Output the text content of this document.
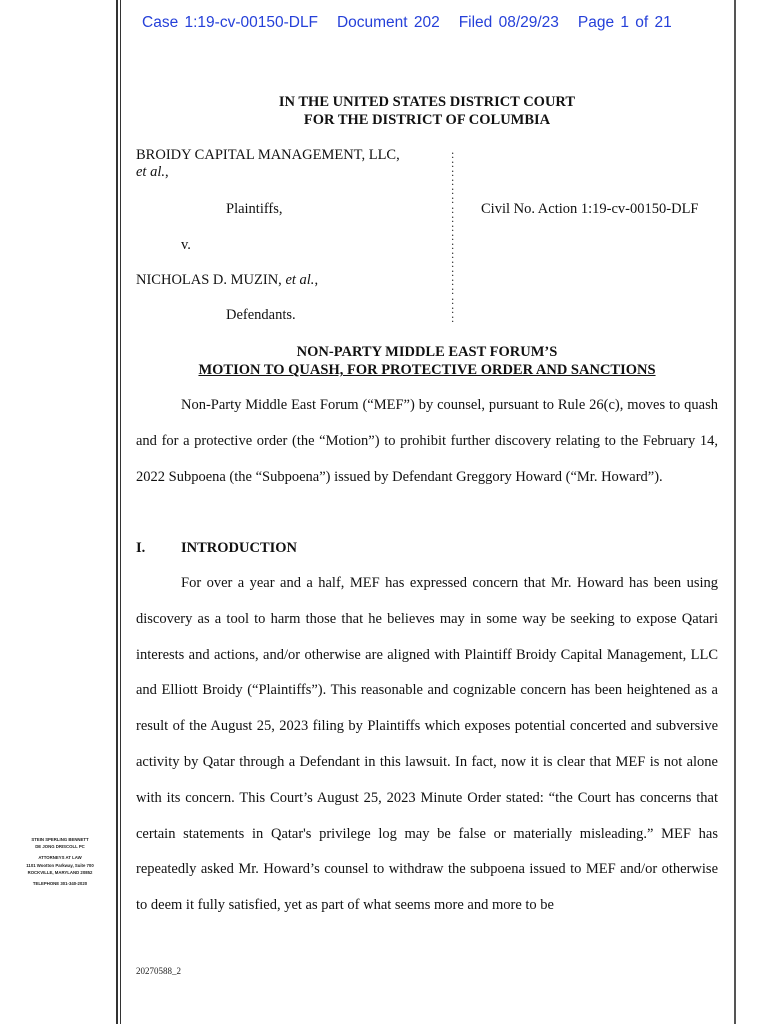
Case 1:19-cv-00150-DLF Document 202 Filed 08/29/23 Page 1 of 21
IN THE UNITED STATES DISTRICT COURT
FOR THE DISTRICT OF COLUMBIA
BROIDY CAPITAL MANAGEMENT, LLC,
et al.,
Plaintiffs,	Civil No. Action 1:19-cv-00150-DLF
v.
NICHOLAS D. MUZIN, et al.,
Defendants.
:
:
:
:
:
:
:
:
:
:
:
:
:
:
:
:
:
:
:
NON-PARTY MIDDLE EAST FORUM’S
MOTION TO QUASH, FOR PROTECTIVE ORDER AND SANCTIONS
Non-Party Middle East Forum (“MEF”) by counsel, pursuant to Rule 26(c), moves to quash and for a protective order (the “Motion”) to prohibit further discovery relating to the February 14, 2022 Subpoena (the “Subpoena”) issued by Defendant Greggory Howard (“Mr. Howard”).
I. INTRODUCTION
For over a year and a half, MEF has expressed concern that Mr. Howard has been using discovery as a tool to harm those that he believes may in some way be seeking to expose Qatari interests and actions, and/or otherwise are aligned with Plaintiff Broidy Capital Management, LLC and Elliott Broidy (“Plaintiffs”). This reasonable and cognizable concern has been heightened as a result of the August 25, 2023 filing by Plaintiffs which exposes potential concerted and subversive activity by Qatar through a Defendant in this lawsuit. In fact, now it is clear that MEF is not alone with its concern. This Court’s August 25, 2023 Minute Order stated: “the Court has concerns that certain statements in Qatar's privilege log may be false or materially misleading.” MEF has repeatedly asked Mr. Howard’s counsel to withdraw the subpoena issued to MEF and/or otherwise to deem it fully satisfied, yet as part of what seems more and more to be
STEIN SPERLING BENNETT
DE JONG DRISCOLL PC
ATTORNEYS AT LAW
1101 Wootton Parkway, Suite 700
ROCKVILLE, MARYLAND 20852
TELEPHONE 301-340-2020
20270588_2
